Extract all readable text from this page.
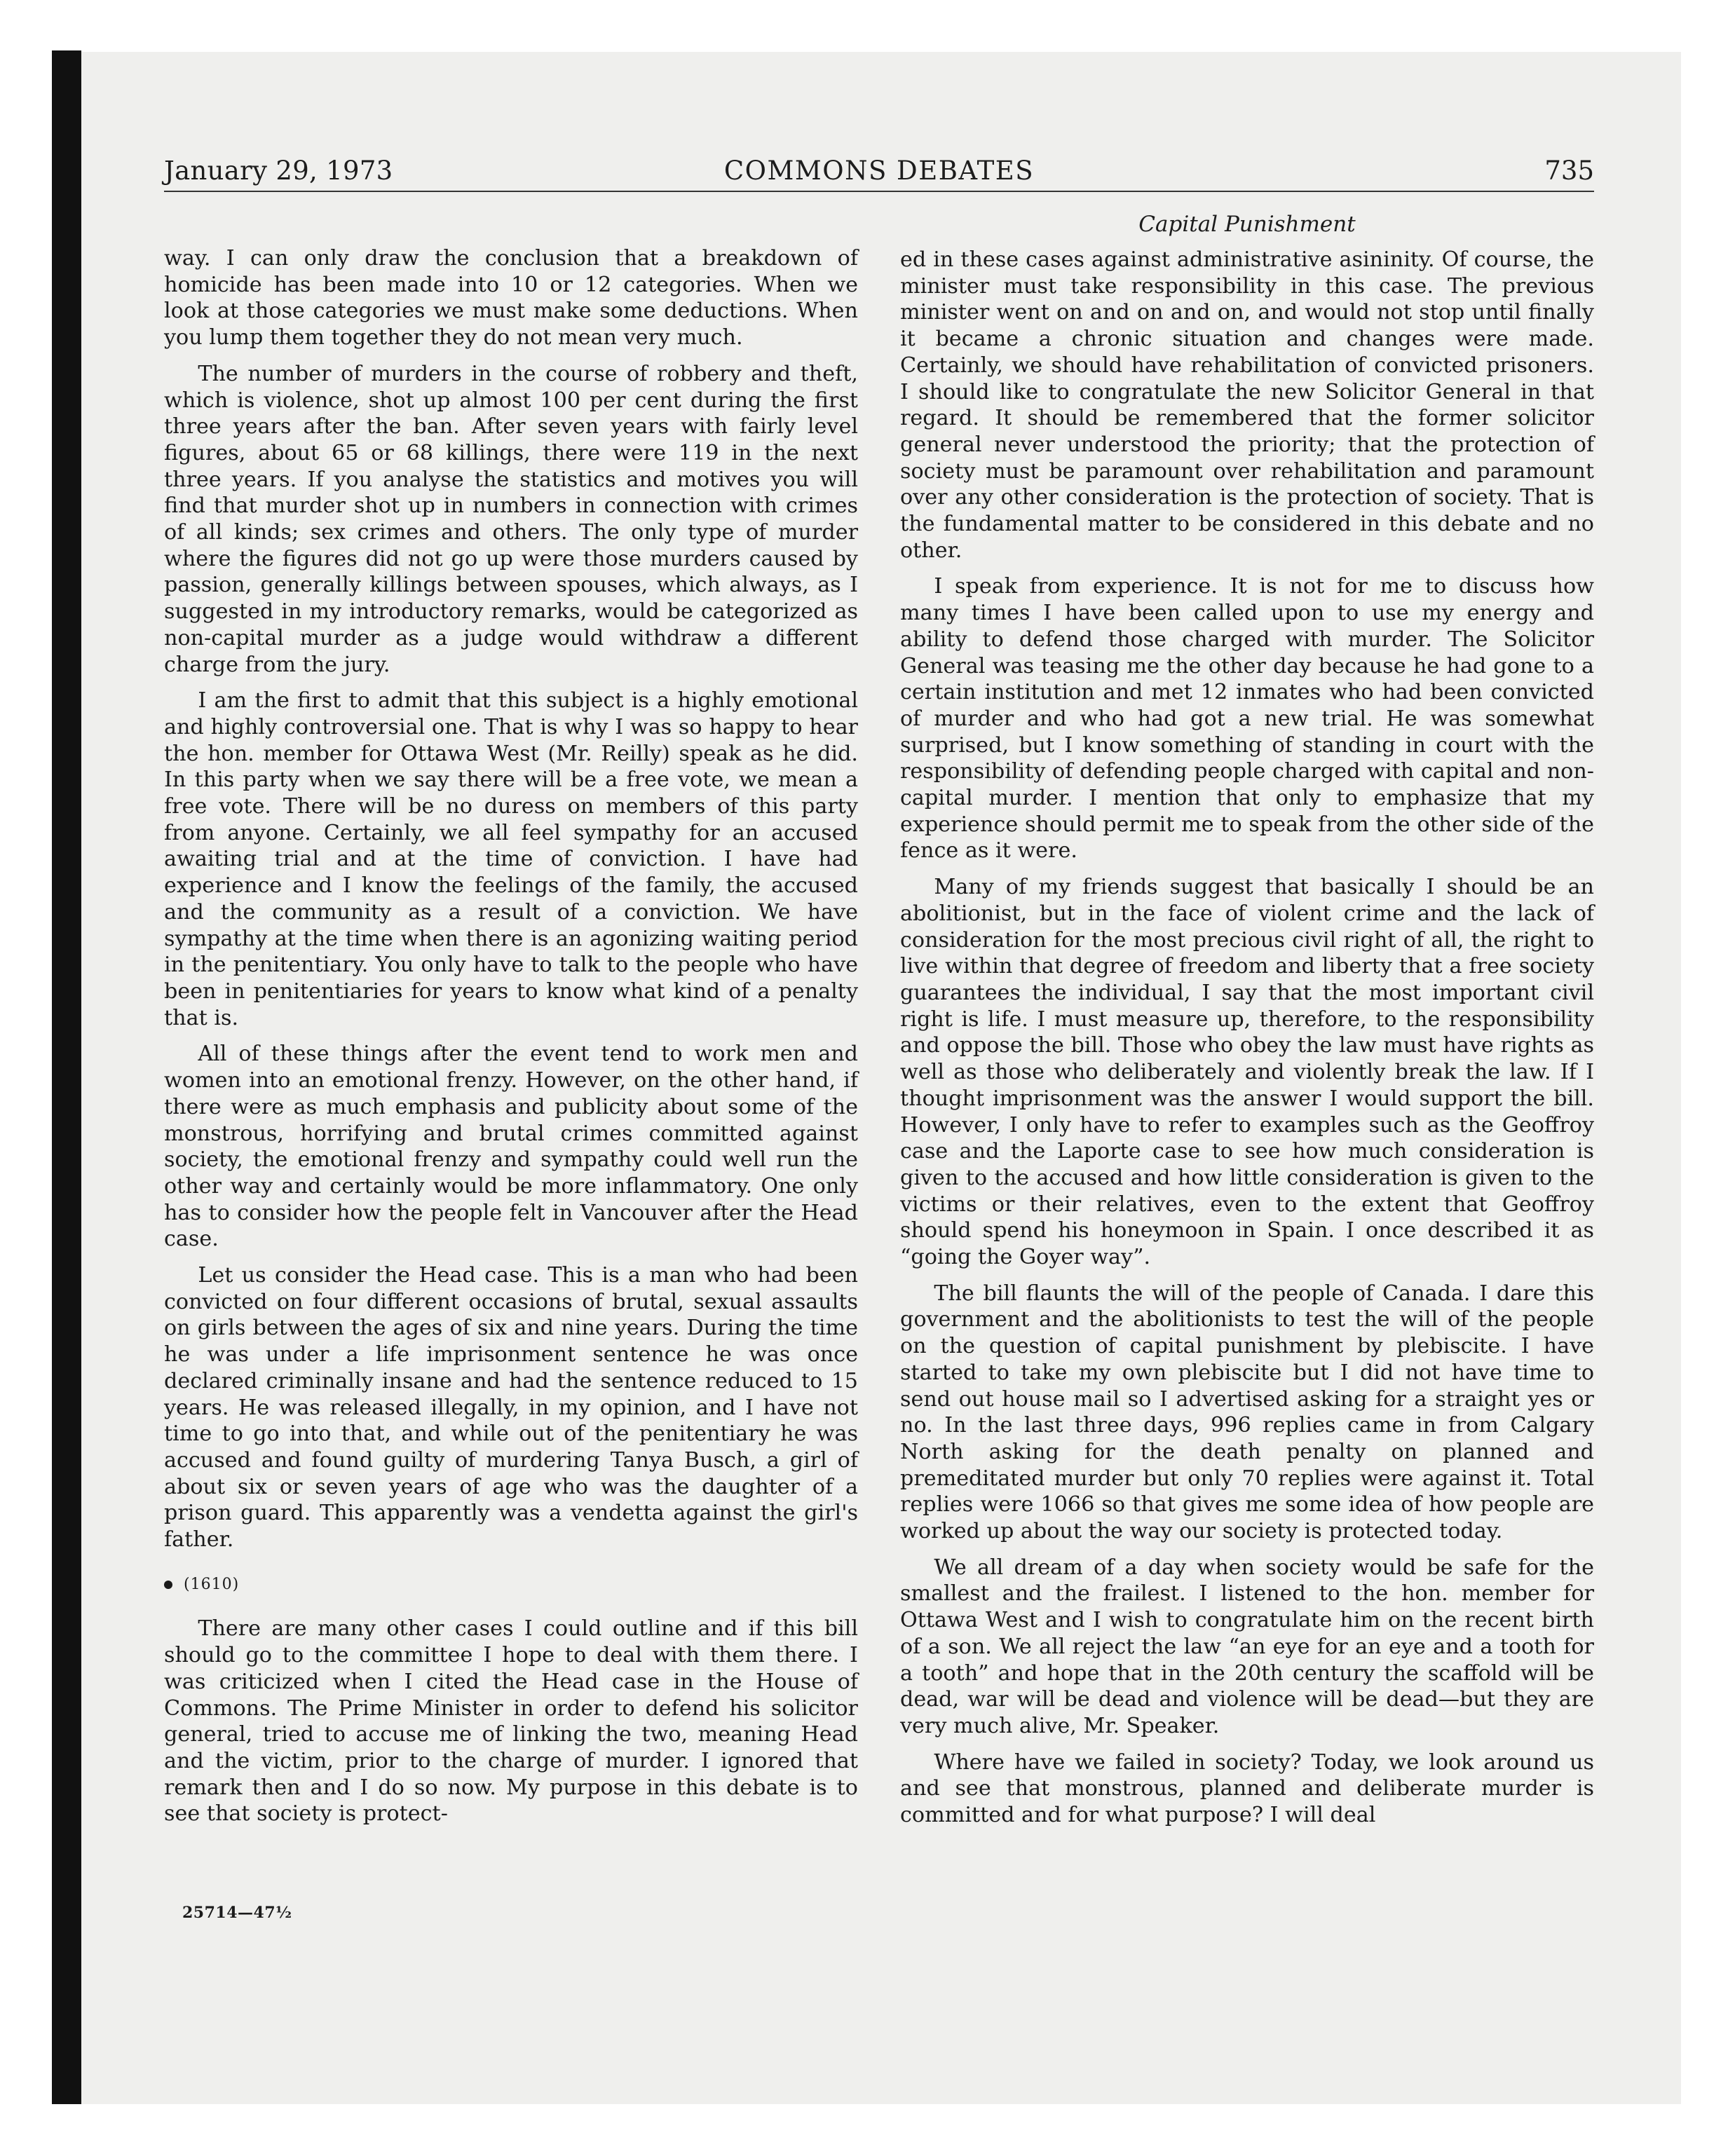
January 29, 1973	COMMONS DEBATES	735
Capital Punishment

way. I can only draw the conclusion that a breakdown of homicide has been made into 10 or 12 categories. When we look at those categories we must make some deductions. When you lump them together they do not mean very much.

The number of murders in the course of robbery and theft, which is violence, shot up almost 100 per cent during the first three years after the ban. After seven years with fairly level figures, about 65 or 68 killings, there were 119 in the next three years. If you analyse the statistics and motives you will find that murder shot up in numbers in connection with crimes of all kinds; sex crimes and others. The only type of murder where the figures did not go up were those murders caused by passion, generally killings between spouses, which always, as I suggested in my introductory remarks, would be categorized as non-capital murder as a judge would withdraw a different charge from the jury.

I am the first to admit that this subject is a highly emotional and highly controversial one. That is why I was so happy to hear the hon. member for Ottawa West (Mr. Reilly) speak as he did. In this party when we say there will be a free vote, we mean a free vote. There will be no duress on members of this party from anyone. Certainly, we all feel sympathy for an accused awaiting trial and at the time of conviction. I have had experience and I know the feelings of the family, the accused and the community as a result of a conviction. We have sympathy at the time when there is an agonizing waiting period in the penitentiary. You only have to talk to the people who have been in penitentiaries for years to know what kind of a penalty that is.

All of these things after the event tend to work men and women into an emotional frenzy. However, on the other hand, if there were as much emphasis and publicity about some of the monstrous, horrifying and brutal crimes committed against society, the emotional frenzy and sympathy could well run the other way and certainly would be more inflammatory. One only has to consider how the people felt in Vancouver after the Head case.

Let us consider the Head case. This is a man who had been convicted on four different occasions of brutal, sexual assaults on girls between the ages of six and nine years. During the time he was under a life imprisonment sentence he was once declared criminally insane and had the sentence reduced to 15 years. He was released illegally, in my opinion, and I have not time to go into that, and while out of the penitentiary he was accused and found guilty of murdering Tanya Busch, a girl of about six or seven years of age who was the daughter of a prison guard. This apparently was a vendetta against the girl's father.

(1610)

There are many other cases I could outline and if this bill should go to the committee I hope to deal with them there. I was criticized when I cited the Head case in the House of Commons. The Prime Minister in order to defend his solicitor general, tried to accuse me of linking the two, meaning Head and the victim, prior to the charge of murder. I ignored that remark then and I do so now. My purpose in this debate is to see that society is protect-

ed in these cases against administrative asininity. Of course, the minister must take responsibility in this case. The previous minister went on and on and on, and would not stop until finally it became a chronic situation and changes were made. Certainly, we should have rehabilitation of convicted prisoners. I should like to congratulate the new Solicitor General in that regard. It should be remembered that the former solicitor general never understood the priority; that the protection of society must be paramount over rehabilitation and paramount over any other consideration is the protection of society. That is the fundamental matter to be considered in this debate and no other.

I speak from experience. It is not for me to discuss how many times I have been called upon to use my energy and ability to defend those charged with murder. The Solicitor General was teasing me the other day because he had gone to a certain institution and met 12 inmates who had been convicted of murder and who had got a new trial. He was somewhat surprised, but I know something of standing in court with the responsibility of defending people charged with capital and non-capital murder. I mention that only to emphasize that my experience should permit me to speak from the other side of the fence as it were.

Many of my friends suggest that basically I should be an abolitionist, but in the face of violent crime and the lack of consideration for the most precious civil right of all, the right to live within that degree of freedom and liberty that a free society guarantees the individual, I say that the most important civil right is life. I must measure up, therefore, to the responsibility and oppose the bill. Those who obey the law must have rights as well as those who deliberately and violently break the law. If I thought imprisonment was the answer I would support the bill. However, I only have to refer to examples such as the Geoffroy case and the Laporte case to see how much consideration is given to the accused and how little consideration is given to the victims or their relatives, even to the extent that Geoffroy should spend his honeymoon in Spain. I once described it as “going the Goyer way”.

The bill flaunts the will of the people of Canada. I dare this government and the abolitionists to test the will of the people on the question of capital punishment by plebiscite. I have started to take my own plebiscite but I did not have time to send out house mail so I advertised asking for a straight yes or no. In the last three days, 996 replies came in from Calgary North asking for the death penalty on planned and premeditated murder but only 70 replies were against it. Total replies were 1066 so that gives me some idea of how people are worked up about the way our society is protected today.

We all dream of a day when society would be safe for the smallest and the frailest. I listened to the hon. member for Ottawa West and I wish to congratulate him on the recent birth of a son. We all reject the law “an eye for an eye and a tooth for a tooth” and hope that in the 20th century the scaffold will be dead, war will be dead and violence will be dead—but they are very much alive, Mr. Speaker.

Where have we failed in society? Today, we look around us and see that monstrous, planned and deliberate murder is committed and for what purpose? I will deal

25714—47½
